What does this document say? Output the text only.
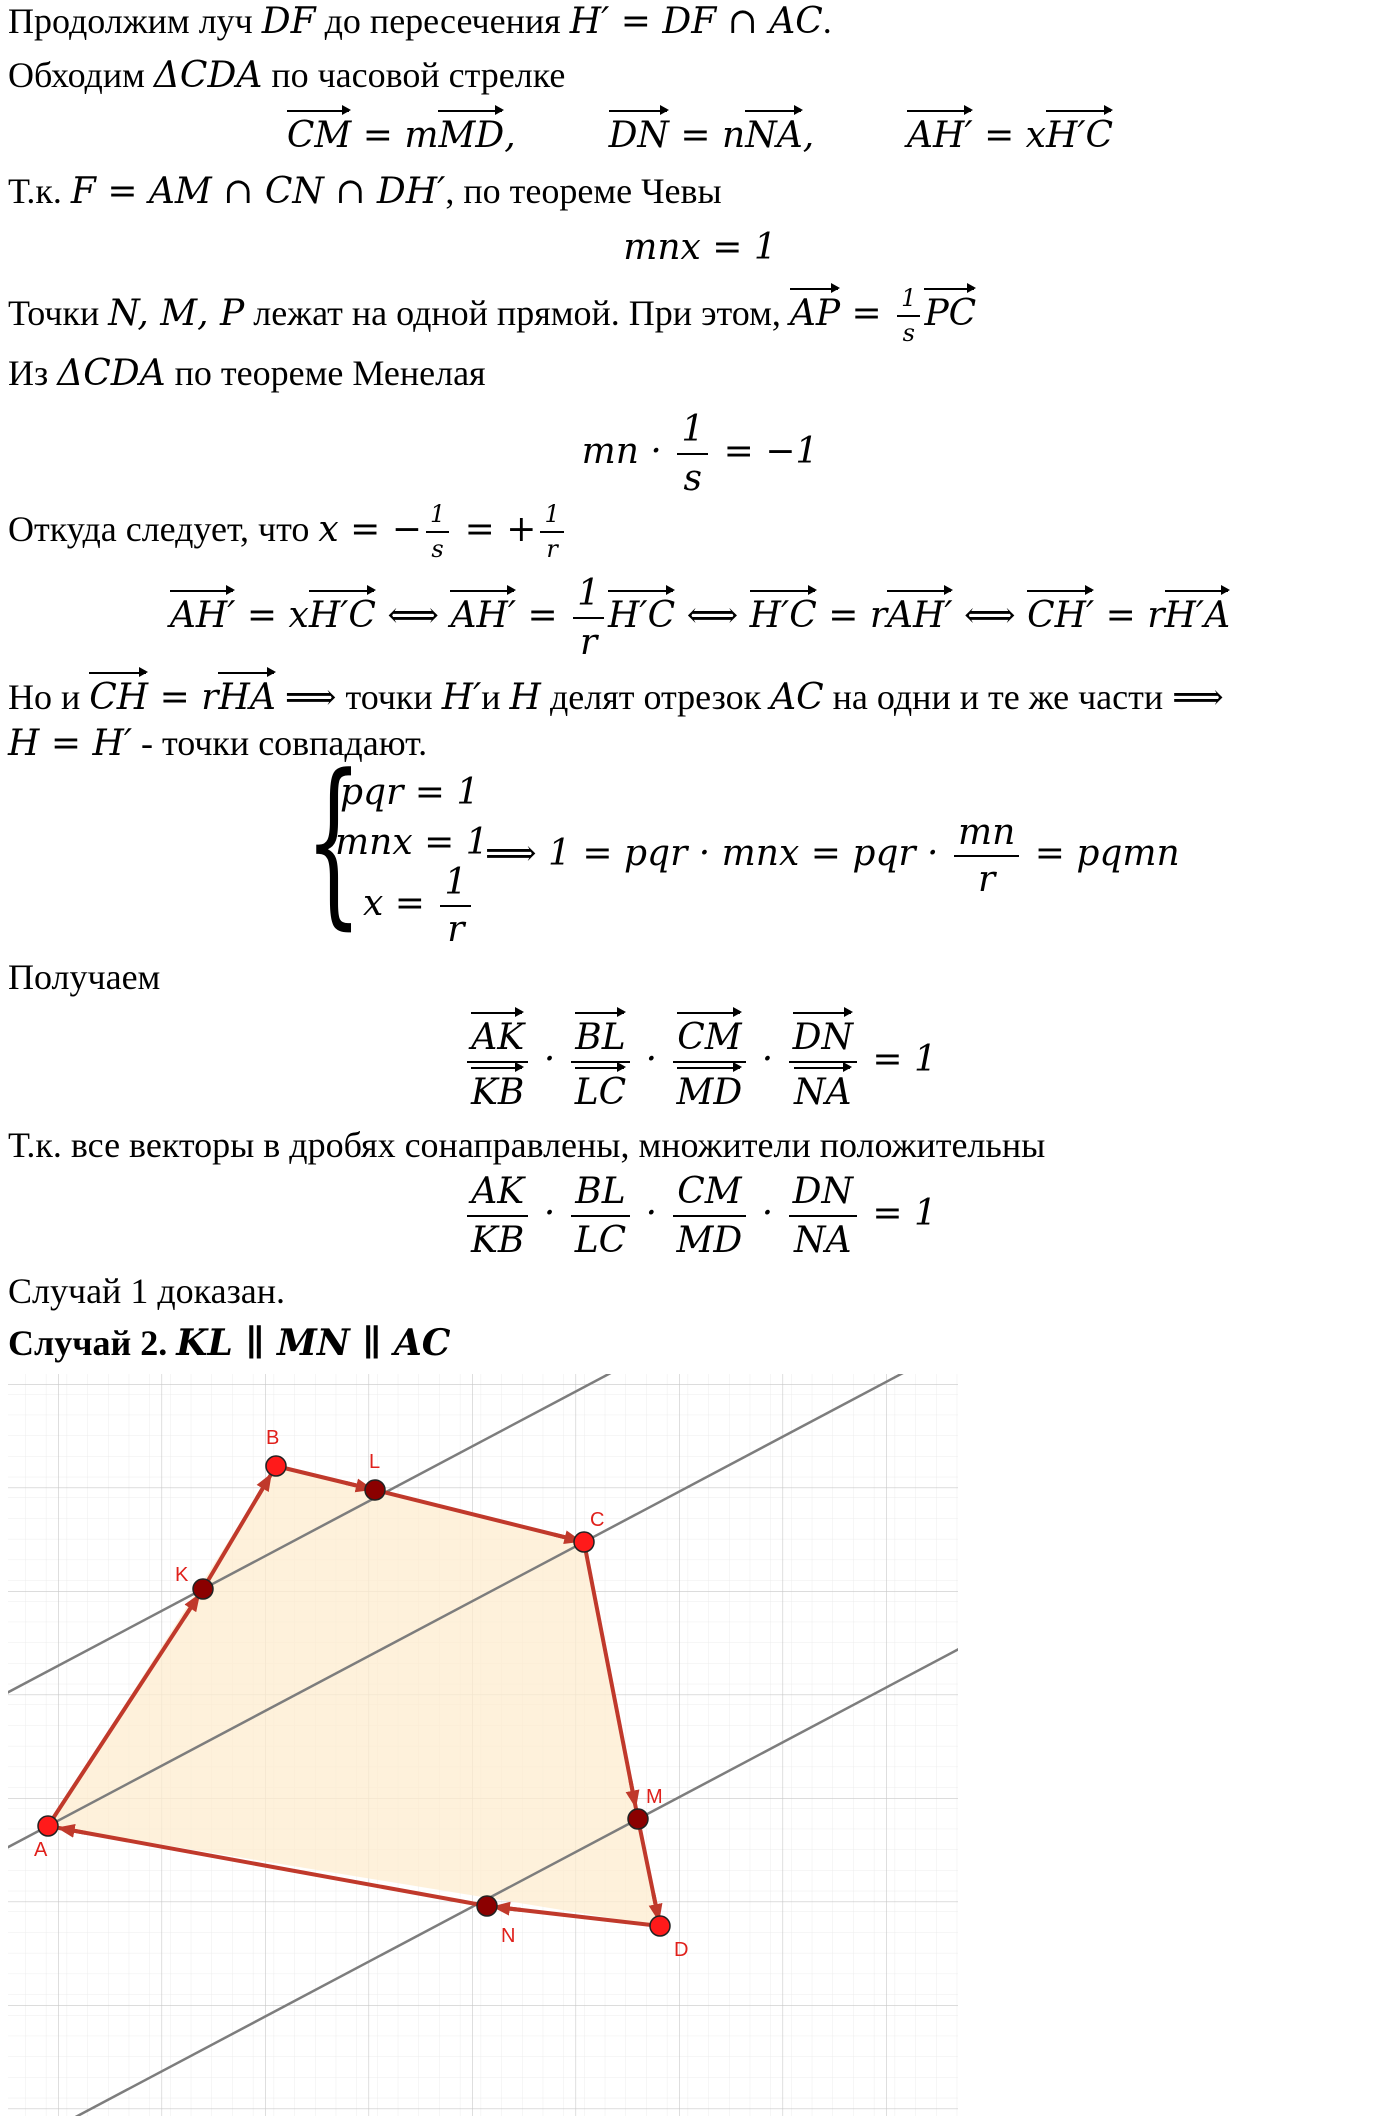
Продолжим луч DF до пересечения H′ = DF ∩ AC.
Обходим ΔCDA по часовой стрелке
CM = mMD,	DN = nNA,	AH′ = xH′C
Т.к. F = AM ∩ CN ∩ DH′, по теореме Чевы
mnx = 1
Точки N, M, P лежат на одной прямой. При этом, AP = $\frac{1}{s}$ PC
Из ΔCDA по теореме Менелая
mn · $\frac{1}{s} = -1$
Откуда следует, что x = − $\frac{1}{s}$ = + $\frac{1}{r}$
AH′ = xH′C ⟺ $AH' = \frac{1}{r} H'C$ ⟺ H′C = rAH′ ⟺ CH′ = rH′A
Но и CH = rHA ⟹ точки H′и H делят отрезок AC на одни и те же части ⟹
H = H′ - точки совпадают.
{
pqr = 1
mnx = 1
$x = \frac{1}{r}$
⟹ 1 = pqr · mnx = pqr · $\frac{mn}{r}$ = pqmn
Получаем
$\frac{AK}{KB} \cdot \frac{BL}{LC} \cdot \frac{CM}{MD} \cdot \frac{DN}{NA} = 1$
Т.к. все векторы в дробях сонаправлены, множители положительны
$\frac{AK}{KB} \cdot \frac{BL}{LC} \cdot \frac{CM}{MD} \cdot \frac{DN}{NA} = 1$
Случай 1 доказан.
Случай 2. KL ∥ MN ∥ AC
A
B
L
C
K
M
D
N
